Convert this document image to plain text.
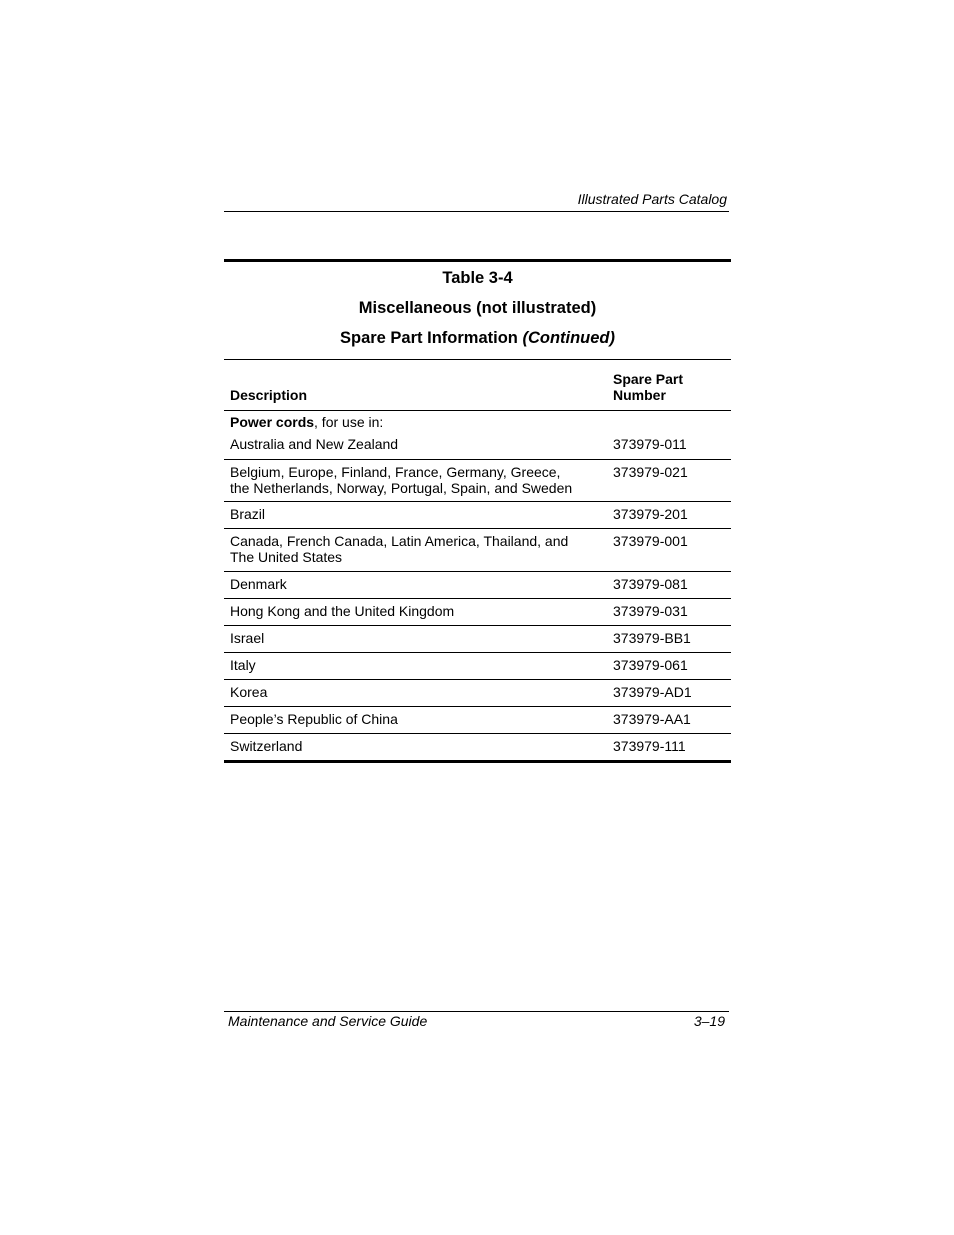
Illustrated Parts Catalog
Table 3-4
Miscellaneous (not illustrated)
Spare Part Information (Continued)
Description	Spare Part
Number
Power cords, for use in:	
Australia and New Zealand	373979-011
Belgium, Europe, Finland, France, Germany, Greece,
the Netherlands, Norway, Portugal, Spain, and Sweden	373979-021
Brazil	373979-201
Canada, French Canada, Latin America, Thailand, and
The United States	373979-001
Denmark	373979-081
Hong Kong and the United Kingdom	373979-031
Israel	373979-BB1
Italy	373979-061
Korea	373979-AD1
People’s Republic of China	373979-AA1
Switzerland	373979-111
Maintenance and Service Guide	3–19
